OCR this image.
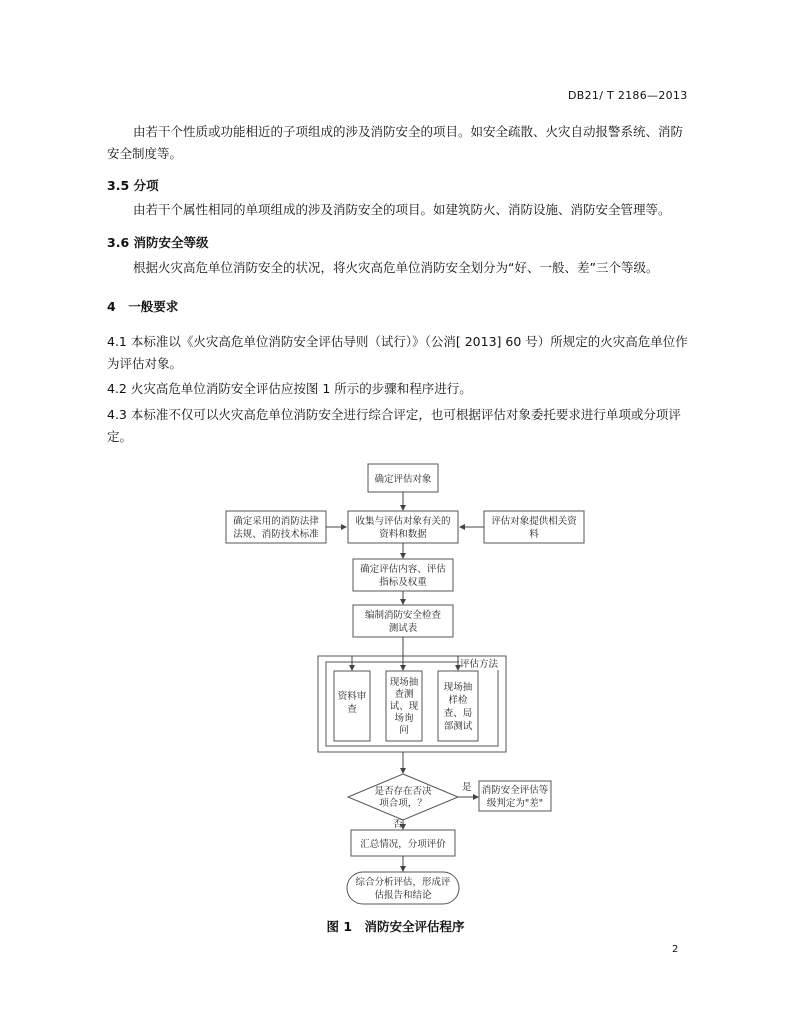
DB21/ T 2186—2013
由若干个性质或功能相近的子项组成的涉及消防安全的项目。如安全疏散、火灾自动报警系统、消防安全制度等。
3.5 分项
由若干个属性相同的单项组成的涉及消防安全的项目。如建筑防火、消防设施、消防安全管理等。
3.6 消防安全等级
根据火灾高危单位消防安全的状况，将火灾高危单位消防安全划分为“好、一般、差”三个等级。
4　一般要求
4.1 本标准以《火灾高危单位消防安全评估导则（试行）》（公消[ 2013] 60 号）所规定的火灾高危单位作为评估对象。
4.2 火灾高危单位消防安全评估应按图 1 所示的步骤和程序进行。
4.3 本标准不仅可以火灾高危单位消防安全进行综合评定，也可根据评估对象委托要求进行单项或分项评定。
确定评估对象
确定采用的消防法律
法规、消防技术标准
收集与评估对象有关的
资料和数据
评估对象提供相关资
料
确定评估内容、评估
指标及权重
编制消防安全检查
测试表
评估方法
资料审
查
现场抽
查测
试、现
场询
问
现场抽
样检
查、局
部测试
是否存在否决
项合项，？
是 消防安全评估等
级判定为"差"
否
汇总情况，分项评价
综合分析评估，形成评
估报告和结论
图 1　消防安全评估程序
2
